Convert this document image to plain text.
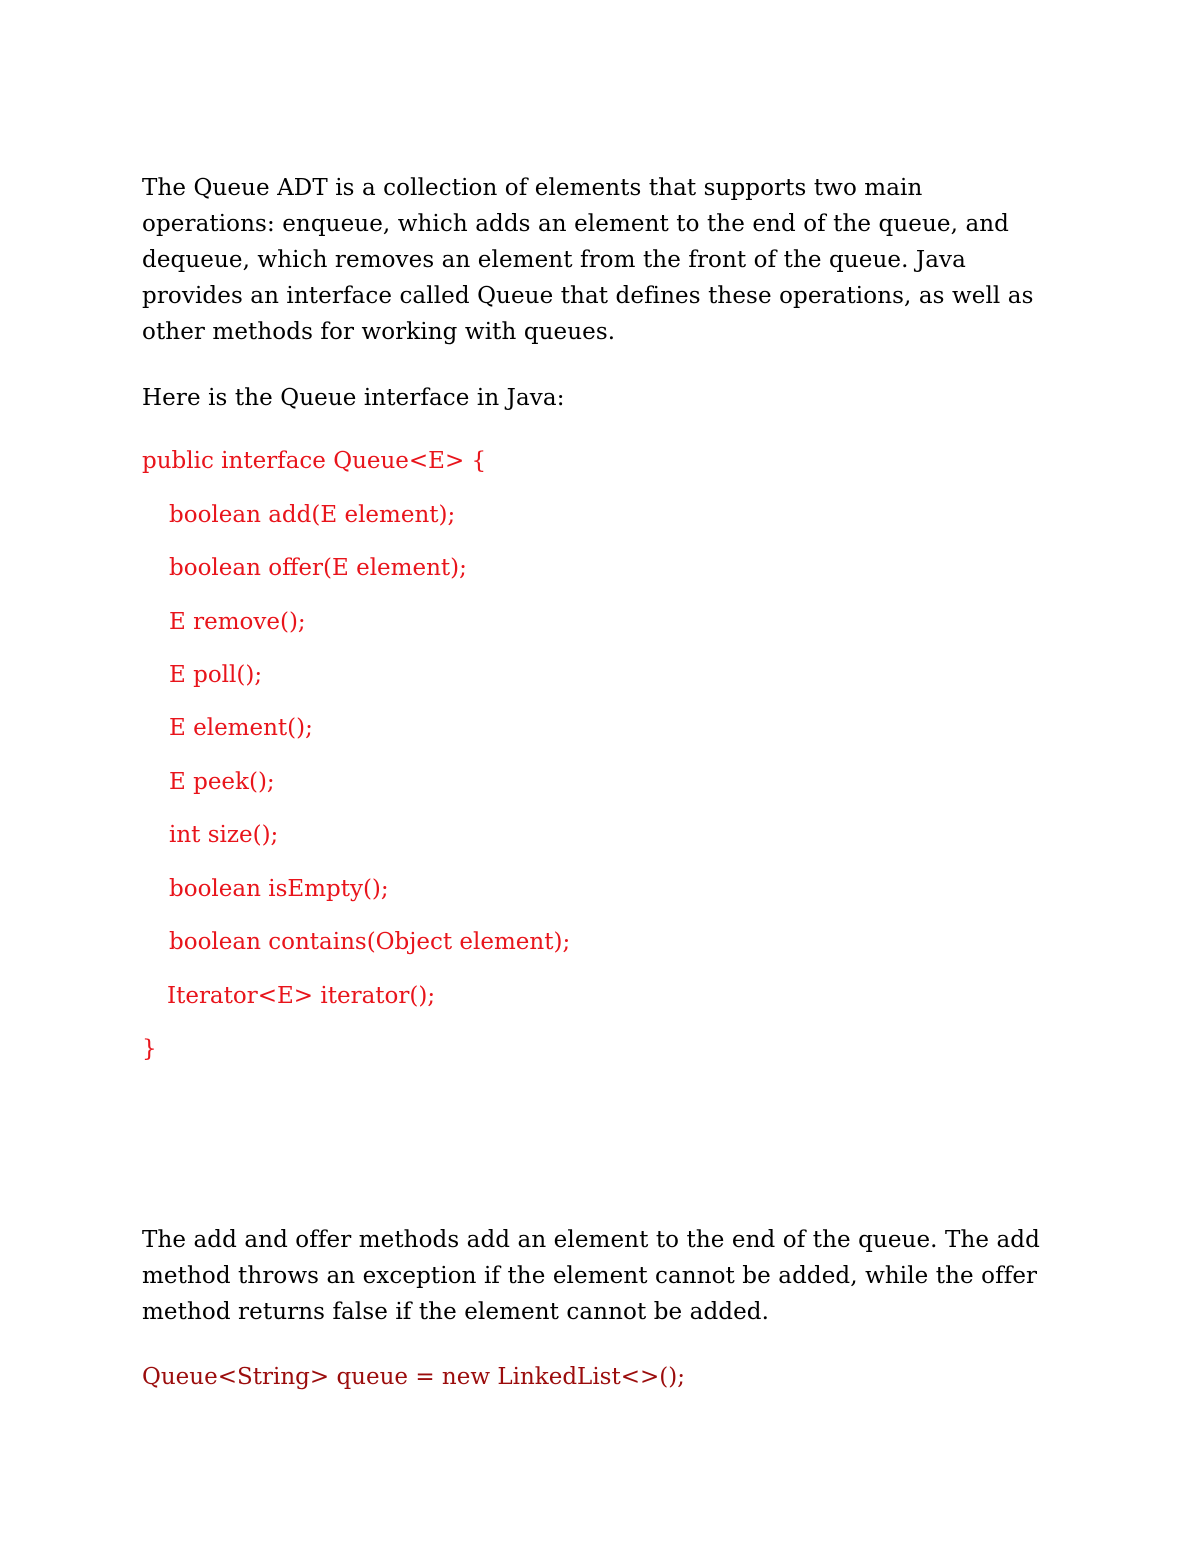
The Queue ADT is a collection of elements that supports two main
operations: enqueue, which adds an element to the end of the queue, and
dequeue, which removes an element from the front of the queue. Java
provides an interface called Queue that defines these operations, as well as
other methods for working with queues.
Here is the Queue interface in Java:
public interface Queue<E> {
boolean add(E element);
boolean offer(E element);
E remove();
E poll();
E element();
E peek();
int size();
boolean isEmpty();
boolean contains(Object element);
Iterator<E> iterator();
}
The add and offer methods add an element to the end of the queue. The add
method throws an exception if the element cannot be added, while the offer
method returns false if the element cannot be added.
Queue<String> queue = new LinkedList<>();
